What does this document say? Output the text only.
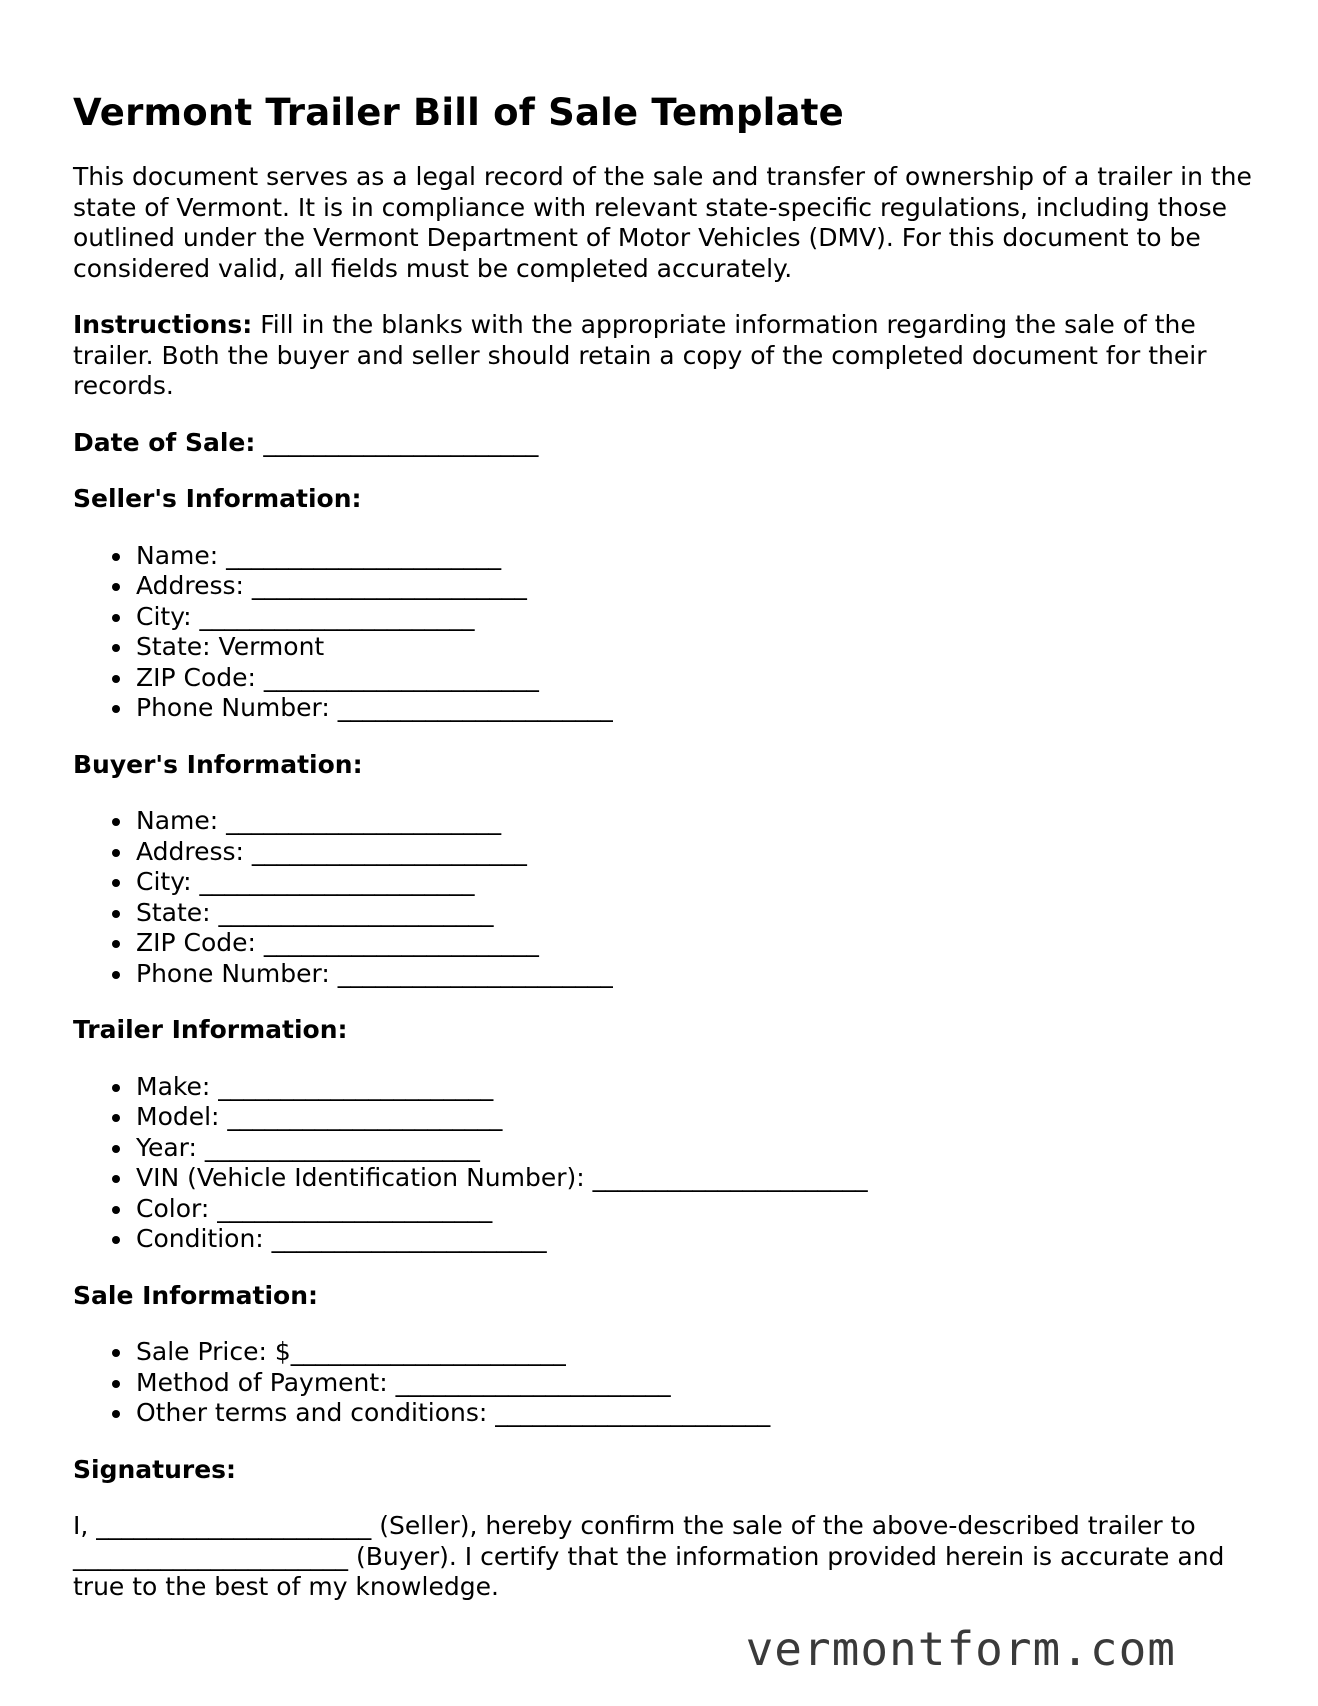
Vermont Trailer Bill of Sale Template

This document serves as a legal record of the sale and transfer of ownership of a trailer in the state of Vermont. It is in compliance with relevant state-specific regulations, including those outlined under the Vermont Department of Motor Vehicles (DMV). For this document to be considered valid, all fields must be completed accurately.

Instructions: Fill in the blanks with the appropriate information regarding the sale of the trailer. Both the buyer and seller should retain a copy of the completed document for their records.

Date of Sale: ______________________
Seller's Information:
Name: ______________________
Address: ______________________
City: ______________________
State: Vermont
ZIP Code: ______________________
Phone Number: ______________________
Buyer's Information:
Name: ______________________
Address: ______________________
City: ______________________
State: ______________________
ZIP Code: ______________________
Phone Number: ______________________
Trailer Information:
Make: ______________________
Model: ______________________
Year: ______________________
VIN (Vehicle Identification Number): ______________________
Color: ______________________
Condition: ______________________
Sale Information:
Sale Price: $______________________
Method of Payment: ______________________
Other terms and conditions: ______________________
Signatures:

I, ______________________ (Seller), hereby confirm the sale of the above-described trailer to ______________________ (Buyer). I certify that the information provided herein is accurate and true to the best of my knowledge.

vermontform.com
